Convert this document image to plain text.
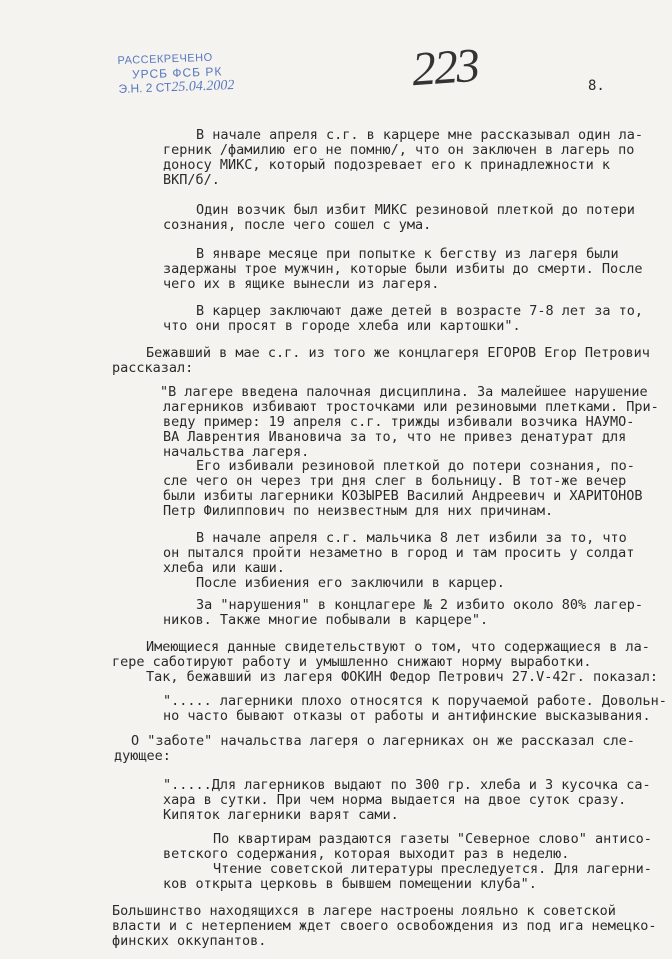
РАССЕКРЕЧЕНО
УРСБ ФСБ РК
Э.Н. 2 СТ25.04.2002	223	8.

В начале апреля с.г. в карцере мне рассказывал один ла-

герник /фамилию его не помню/, что он заключен в лагерь по

доносу МИКС, который подозревает его к принадлежности к

ВКП/б/.

Один возчик был избит МИКС резиновой плеткой до потери

сознания, после чего сошел с ума.

В январе месяце при попытке к бегству из лагеря были

задержаны трое мужчин, которые были избиты до смерти. После

чего их в ящике вынесли из лагеря.

В карцер заключают даже детей в возрасте 7-8 лет за то,

что они просят в городе хлеба или картошки".

Бежавший в мае с.г. из того же концлагеря ЕГОРОВ Егор Петрович

рассказал:

"В лагере введена палочная дисциплина. За малейшее нарушение

лагерников избивают тросточками или резиновыми плетками. При-

веду пример: 19 апреля с.г. трижды избивали возчика НАУМО-

ВА Лаврентия Ивановича за то, что не привез денатурат для

начальства лагеря.

Его избивали резиновой плеткой до потери сознания, по-

сле чего он через три дня слег в больницу. В тот-же вечер

были избиты лагерники КОЗЫРЕВ Василий Андреевич и ХАРИТОНОВ

Петр Филиппович по неизвестным для них причинам.

В начале апреля с.г. мальчика 8 лет избили за то, что

он пытался пройти незаметно в город и там просить у солдат

хлеба или каши.

После избиения его заключили в карцер.

За "нарушения" в концлагере № 2 избито около 80% лагер-

ников. Также многие побывали в карцере".

Имеющиеся данные свидетельствуют о том, что содержащиеся в ла-

гере саботируют работу и умышленно снижают норму выработки.

Так, бежавший из лагеря ФОКИН Федор Петрович 27.V-42г. показал:

"..... лагерники плохо относятся к поручаемой работе. Довольн-

но часто бывают отказы от работы и антифинские высказывания.

О "заботе" начальства лагеря о лагерниках он же рассказал сле-

дующее:

".....Для лагерников выдают по 300 гр. хлеба и 3 кусочка са-

хара в сутки. При чем норма выдается на двое суток сразу.

Кипяток лагерники варят сами.

По квартирам раздаются газеты "Северное слово" антисо-

ветского содержания, которая выходит раз в неделю.

Чтение советской литературы преследуется. Для лагерни-

ков открыта церковь в бывшем помещении клуба".

Большинство находящихся в лагере настроены лояльно к советской

власти и с нетерпением ждет своего освобождения из под ига немецко-

финских оккупантов.
